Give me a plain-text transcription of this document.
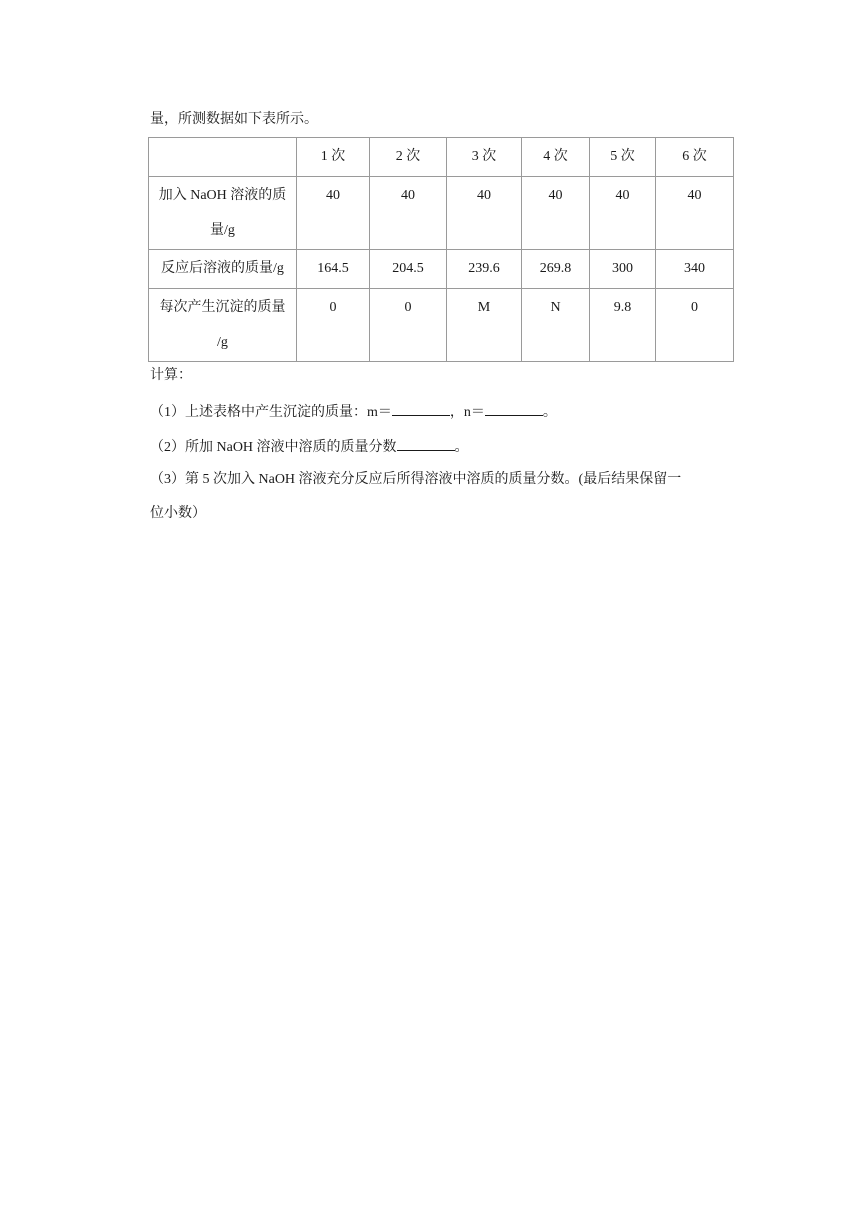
量，所测数据如下表所示。
	1 次	2 次	3 次	4 次	5 次	6 次

加入 NaOH 溶液的质
量/g	40	40	40	40	40	40
反应后溶液的质量/g	164.5	204.5	239.6	269.8	300	340

每次产生沉淀的质量
/g	0	0	M	N	9.8	0
计算：
（1）上述表格中产生沉淀的质量：m＝	，n＝	。
（2）所加 NaOH 溶液中溶质的质量分数	。
（3）第 5 次加入 NaOH 溶液充分反应后所得溶液中溶质的质量分数。(最后结果保留一
位小数）
